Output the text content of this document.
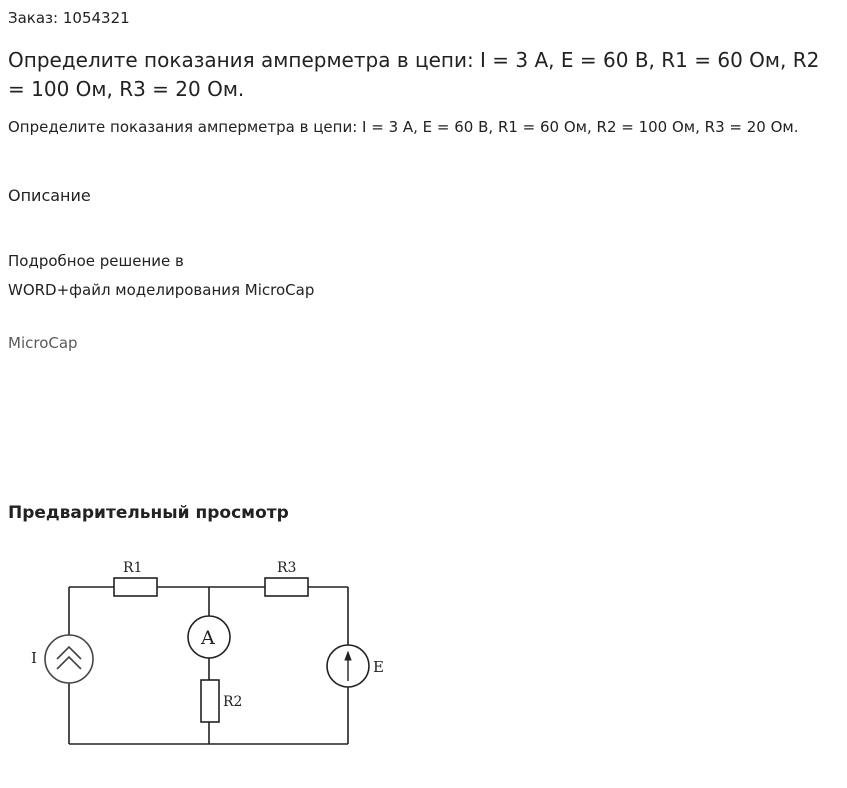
Заказ: 1054321
Определите показания амперметра в цепи: I = 3 А, Е = 60 В, R1 = 60 Ом, R2 = 100 Ом, R3 = 20 Ом.
Определите показания амперметра в цепи: I = 3 А, Е = 60 В, R1 = 60 Ом, R2 = 100 Ом, R3 = 20 Ом.
Описание
Подробное решение в
WORD+файл моделирования MicroCap
MicroCap
Предварительный просмотр
R1	R3
A
R2
I	E
